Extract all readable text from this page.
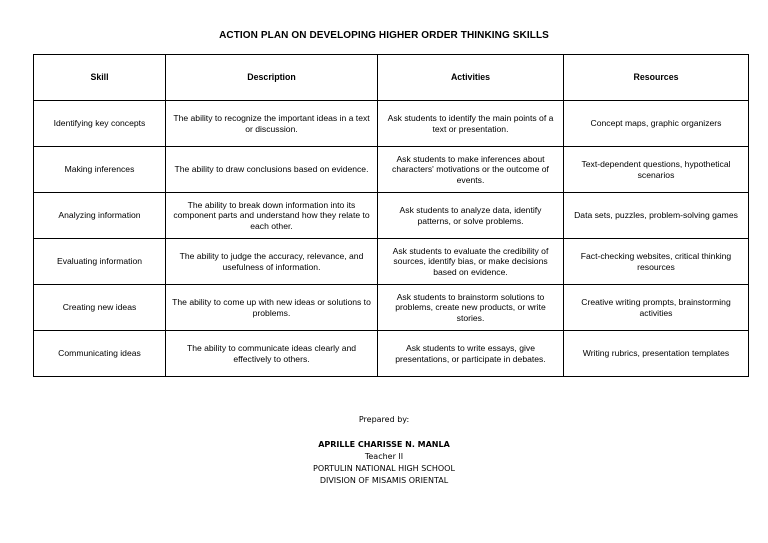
ACTION PLAN ON DEVELOPING HIGHER ORDER THINKING SKILLS
Skill	Description	Activities	Resources
Identifying key concepts	The ability to recognize the important ideas in a text or discussion.	Ask students to identify the main points of a text or presentation.	Concept maps, graphic organizers
Making inferences	The ability to draw conclusions based on evidence.	Ask students to make inferences about characters' motivations or the outcome of events.	Text-dependent questions, hypothetical scenarios
Analyzing information	The ability to break down information into its component parts and understand how they relate to each other.	Ask students to analyze data, identify patterns, or solve problems.	Data sets, puzzles, problem-solving games
Evaluating information	The ability to judge the accuracy, relevance, and usefulness of information.	Ask students to evaluate the credibility of sources, identify bias, or make decisions based on evidence.	Fact-checking websites, critical thinking resources
Creating new ideas	The ability to come up with new ideas or solutions to problems.	Ask students to brainstorm solutions to problems, create new products, or write stories.	Creative writing prompts, brainstorming activities
Communicating ideas	The ability to communicate ideas clearly and effectively to others.	Ask students to write essays, give presentations, or participate in debates.	Writing rubrics, presentation templates
Prepared by:
APRILLE CHARISSE N. MANLA
Teacher II
PORTULIN NATIONAL HIGH SCHOOL
DIVISION OF MISAMIS ORIENTAL
